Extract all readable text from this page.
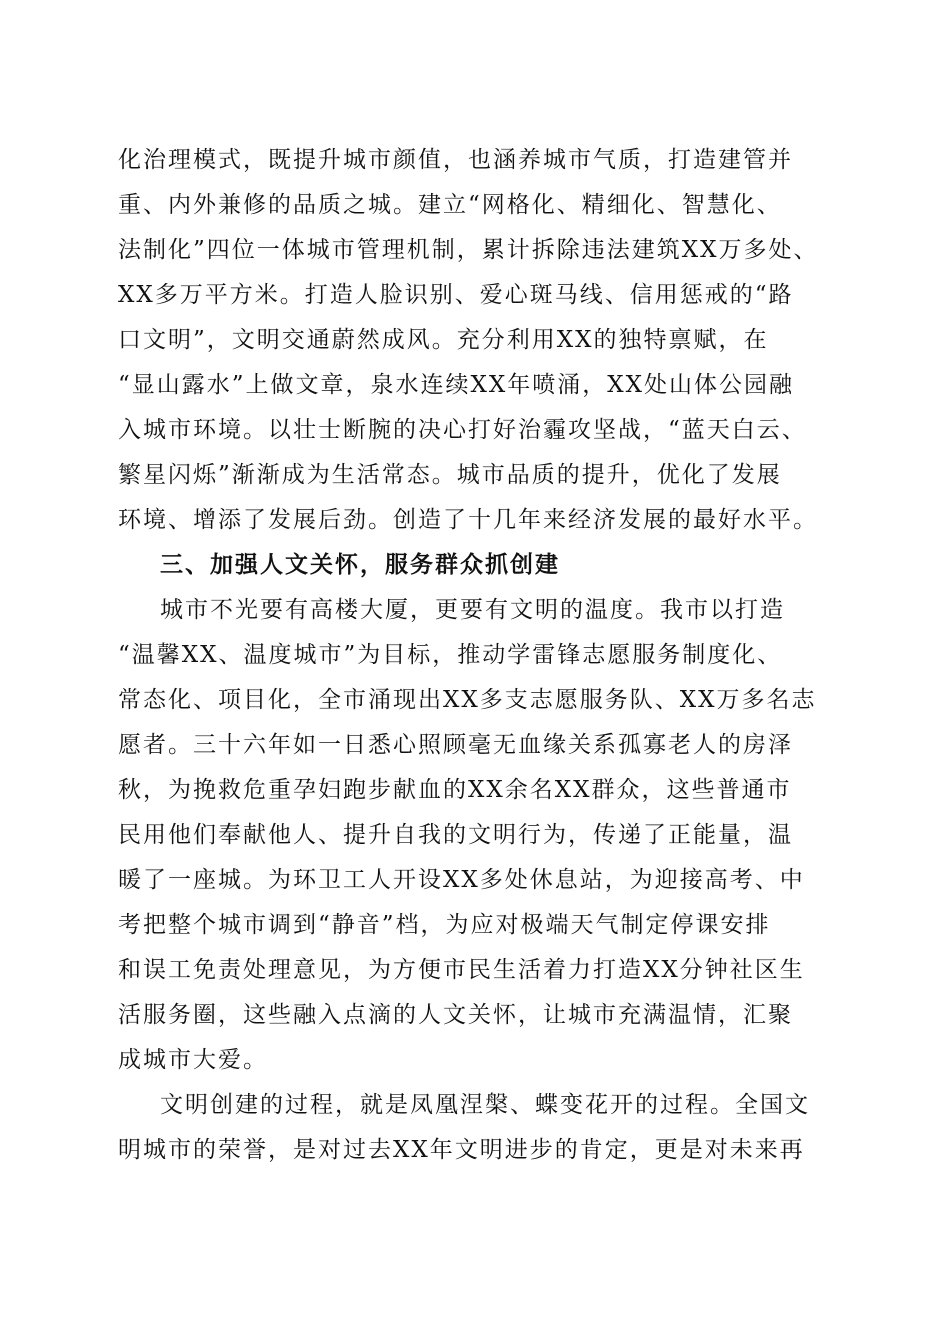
化治理模式，既提升城市颜值，也涵养城市气质，打造建管并
重、内外兼修的品质之城。建立“网格化、精细化、智慧化、
法制化”四位一体城市管理机制，累计拆除违法建筑XX万多处、
XX多万平方米。打造人脸识别、爱心斑马线、信用惩戒的“路
口文明”，文明交通蔚然成风。充分利用XX的独特禀赋，在
“显山露水”上做文章，泉水连续XX年喷涌，XX处山体公园融
入城市环境。以壮士断腕的决心打好治霾攻坚战，“蓝天白云、
繁星闪烁”渐渐成为生活常态。城市品质的提升，优化了发展
环境、增添了发展后劲。创造了十几年来经济发展的最好水平。
三、加强人文关怀，服务群众抓创建
城市不光要有高楼大厦，更要有文明的温度。我市以打造
“温馨XX、温度城市”为目标，推动学雷锋志愿服务制度化、
常态化、项目化，全市涌现出XX多支志愿服务队、XX万多名志
愿者。三十六年如一日悉心照顾毫无血缘关系孤寡老人的房泽
秋，为挽救危重孕妇跑步献血的XX余名XX群众，这些普通市
民用他们奉献他人、提升自我的文明行为，传递了正能量，温
暖了一座城。为环卫工人开设XX多处休息站，为迎接高考、中
考把整个城市调到“静音”档，为应对极端天气制定停课安排
和误工免责处理意见，为方便市民生活着力打造XX分钟社区生
活服务圈，这些融入点滴的人文关怀，让城市充满温情，汇聚
成城市大爱。
文明创建的过程，就是凤凰涅槃、蝶变花开的过程。全国文
明城市的荣誉，是对过去XX年文明进步的肯定，更是对未来再
